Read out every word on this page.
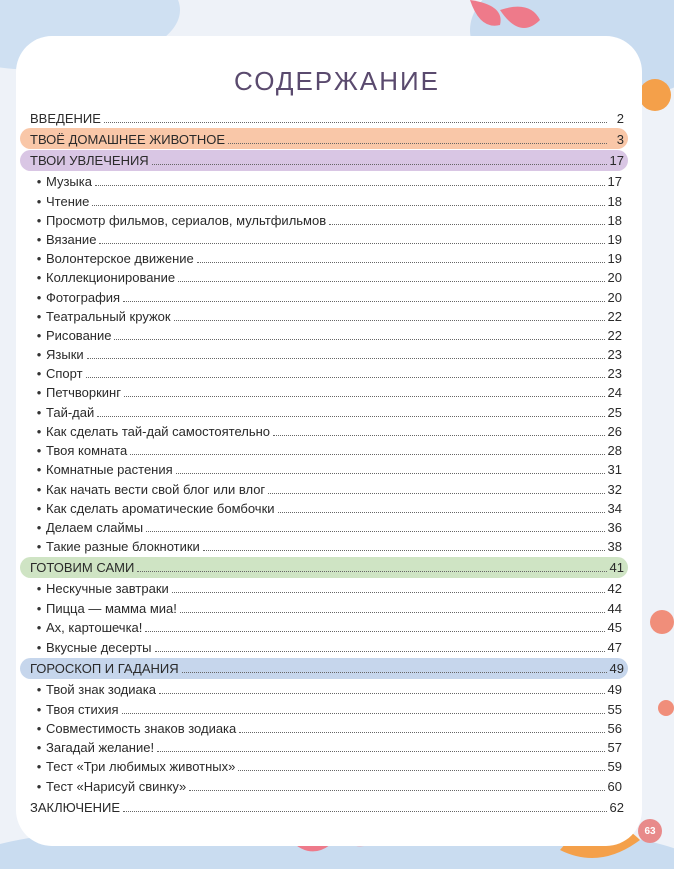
СОДЕРЖАНИЕ
ВВЕДЕНИЕ	2
ТВОЁ ДОМАШНЕЕ ЖИВОТНОЕ	3
ТВОИ УВЛЕЧЕНИЯ	17
• Музыка	17
• Чтение	18
• Просмотр фильмов, сериалов, мультфильмов	18
• Вязание	19
• Волонтерское движение	19
• Коллекционирование	20
• Фотография	20
• Театральный кружок	22
• Рисование	22
• Языки	23
• Спорт	23
• Петчворкинг	24
• Тай-дай	25
• Как сделать тай-дай самостоятельно	26
• Твоя комната	28
• Комнатные растения	31
• Как начать вести свой блог или влог	32
• Как сделать ароматические бомбочки	34
• Делаем слаймы	36
• Такие разные блокнотики	38
ГОТОВИМ САМИ	41
• Нескучные завтраки	42
• Пицца — мамма миа!	44
• Ах, картошечка!	45
• Вкусные десерты	47
ГОРОСКОП И ГАДАНИЯ	49
• Твой знак зодиака	49
• Твоя стихия	55
• Совместимость знаков зодиака	56
• Загадай желание!	57
• Тест «Три любимых животных»	59
• Тест «Нарисуй свинку»	60
ЗАКЛЮЧЕНИЕ	62
63
